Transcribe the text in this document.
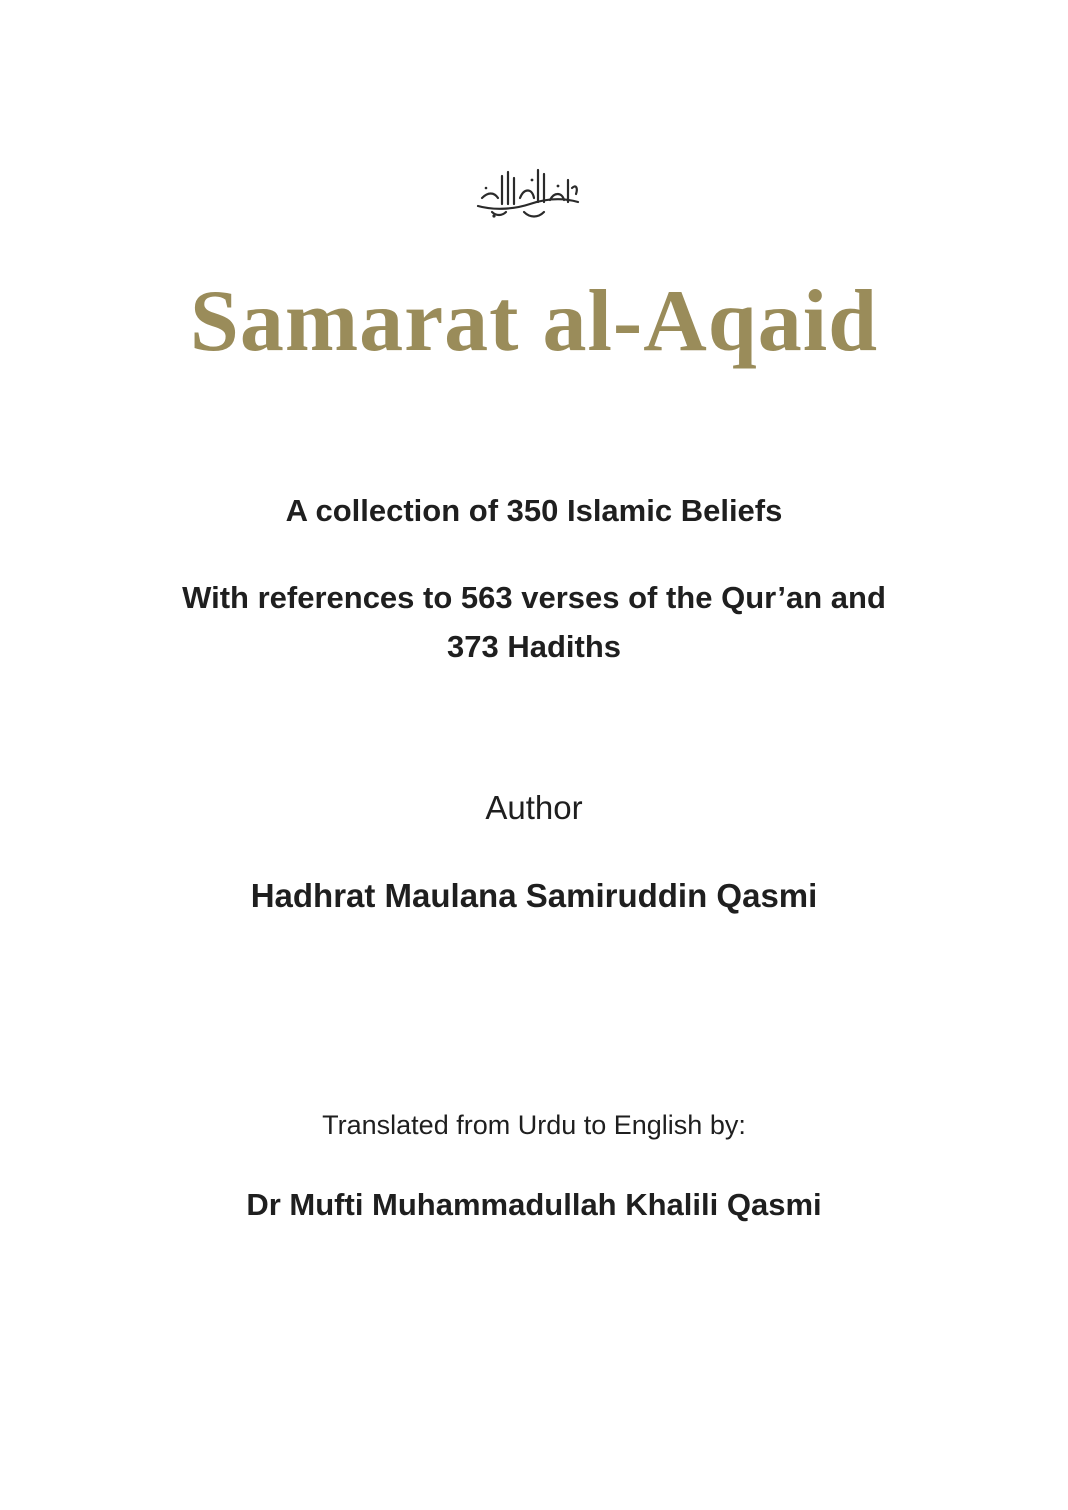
Samarat al-Aqaid
A collection of 350 Islamic Beliefs
With references to 563 verses of the Qur’an and
373 Hadiths
Author
Hadhrat Maulana Samiruddin Qasmi
Translated from Urdu to English by:
Dr Mufti Muhammadullah Khalili Qasmi
